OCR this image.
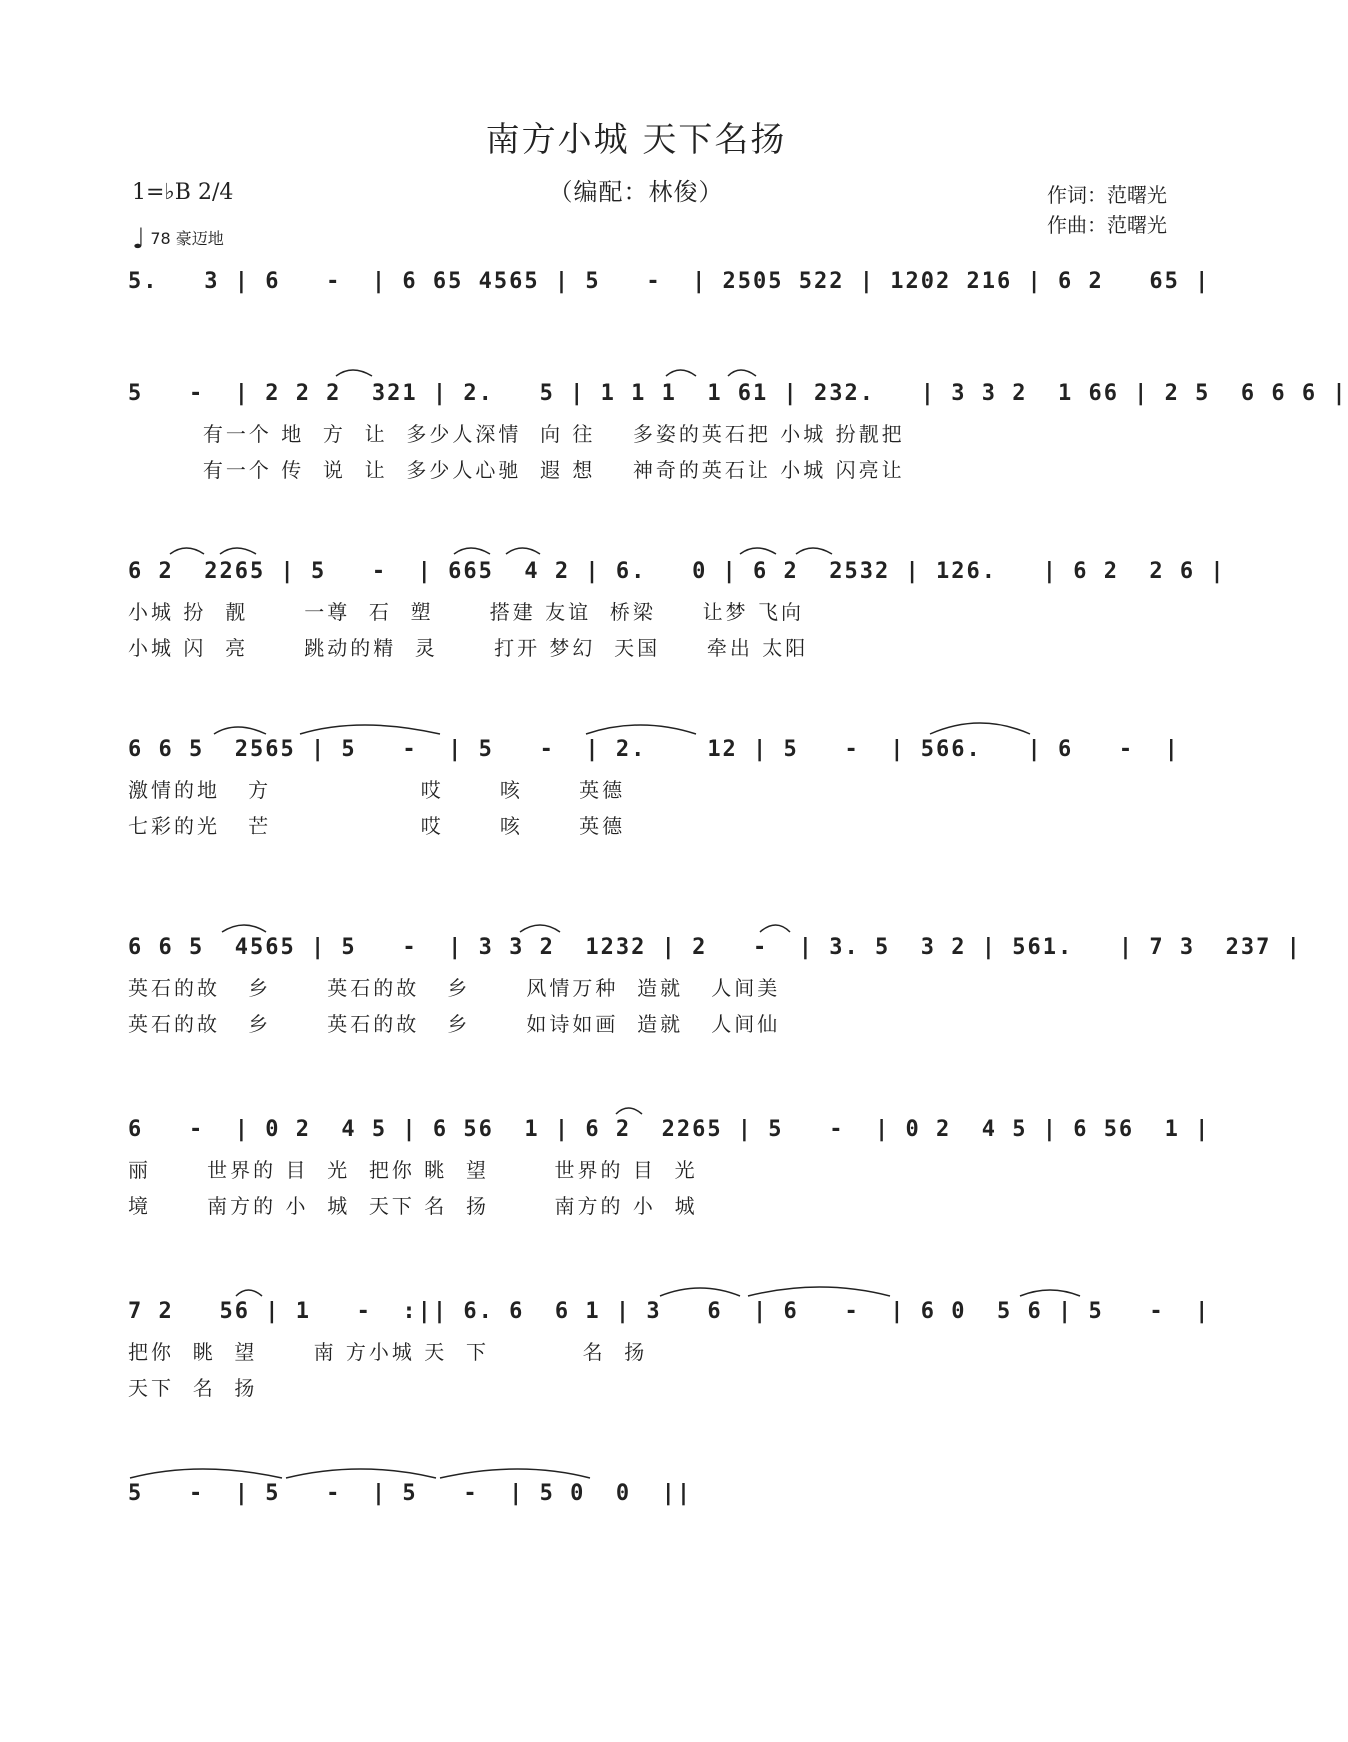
南方小城 天下名扬
（编配：林俊）
1=♭B 2/4
♩ 78 豪迈地
作词：范曙光
作曲：范曙光
5.   3 | 6   -  | 6 65 4565 | 5   -  | 2505 522 | 1202 216 | 6 2   65 |
5   -  | 2 2 2  321 | 2.   5 | 1 1 1  1 61 | 232.   | 3 3 2  1 66 | 2 5  6 6 6 |
有一个 地  方  让  多少人深情  向 往    多姿的英石把 小城 扮靓把
有一个 传  说  让  多少人心驰  遐 想    神奇的英石让 小城 闪亮让
6 2  2265 | 5   -  | 665  4 2 | 6.   0 | 6 2  2532 | 126.   | 6 2  2 6 |
小城 扮  靓      一尊  石  塑      搭建 友谊  桥梁     让梦 飞向
小城 闪  亮      跳动的精  灵      打开 梦幻  天国     牵出 太阳
6 6 5  2565 | 5   -  | 5   -  | 2.    12 | 5   -  | 566.   | 6   -  |
激情的地   方                哎      咳      英德
七彩的光   芒                哎      咳      英德
6 6 5  4565 | 5   -  | 3 3 2  1232 | 2   -  | 3. 5  3 2 | 561.   | 7 3  237 |
英石的故   乡      英石的故   乡      风情万种  造就   人间美
英石的故   乡      英石的故   乡      如诗如画  造就   人间仙
6   -  | 0 2  4 5 | 6 56  1 | 6 2  2265 | 5   -  | 0 2  4 5 | 6 56  1 |
丽      世界的 目  光  把你 眺  望       世界的 目  光
境      南方的 小  城  天下 名  扬       南方的 小  城
7 2   56 | 1   -  :|| 6. 6  6 1 | 3   6  | 6   -  | 6 0  5 6 | 5   -  |
把你  眺  望      南 方小城 天  下          名  扬
天下  名  扬
5   -  | 5   -  | 5   -  | 5 0  0  ||
